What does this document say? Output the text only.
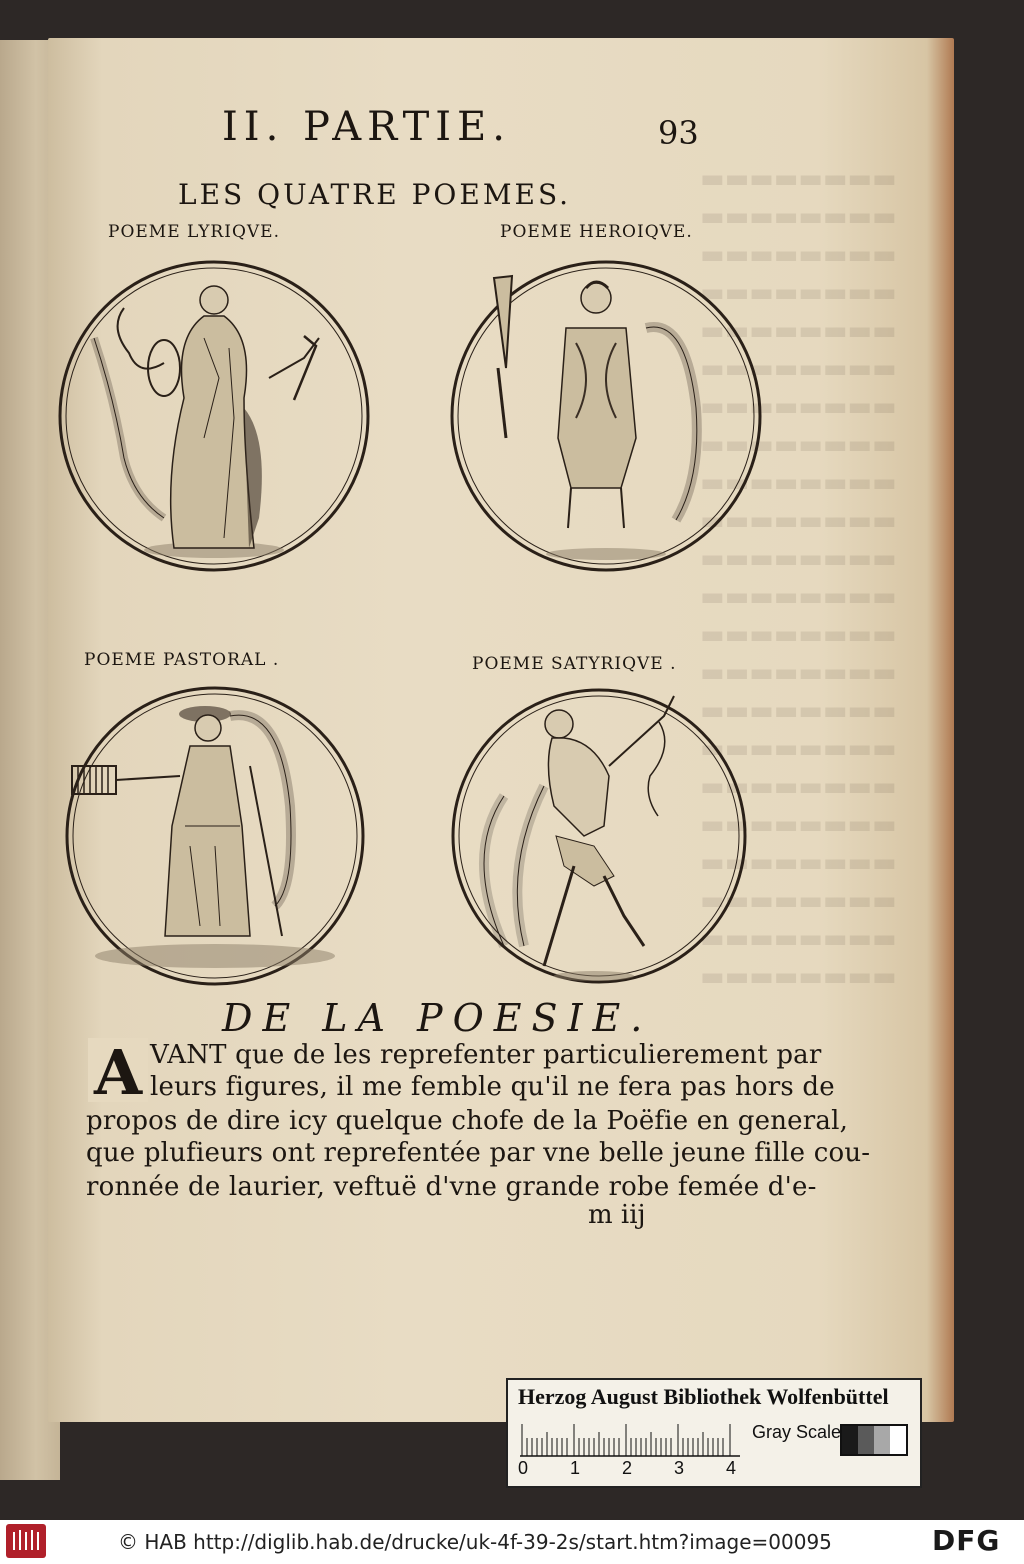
▬▬▬▬▬▬▬▬
▬▬▬▬▬▬▬▬
▬▬▬▬▬▬▬▬
▬▬▬▬▬▬▬▬
▬▬▬▬▬▬▬▬
▬▬▬▬▬▬▬▬
▬▬▬▬▬▬▬▬
▬▬▬▬▬▬▬▬
▬▬▬▬▬▬▬▬
▬▬▬▬▬▬▬▬
▬▬▬▬▬▬▬▬
▬▬▬▬▬▬▬▬
▬▬▬▬▬▬▬▬
▬▬▬▬▬▬▬▬
▬▬▬▬▬▬▬▬
▬▬▬▬▬▬▬▬
▬▬▬▬▬▬▬▬
▬▬▬▬▬▬▬▬
▬▬▬▬▬▬▬▬
▬▬▬▬▬▬▬▬
▬▬▬▬▬▬▬▬
▬▬▬▬▬▬▬▬
II. PARTIE.	93
LES QUATRE POEMES.
POEME LYRIQVE.	POEME HEROIQVE.
POEME PASTORAL .	POEME SATYRIQVE .
DE LA POESIE.
A VANT que de les reprefenter particulierement par
leurs figures, il me femble qu'il ne fera pas hors de
propos de dire icy quelque chofe de la Poëfie en general,
que plufieurs ont reprefentée par vne belle jeune fille cou-
ronnée de laurier, veftuë d'vne grande robe femée d'e-
m iij
Herzog August Bibliothek Wolfenbüttel
0 1 2 3 4
Gray Scale
© HAB http://diglib.hab.de/drucke/uk-4f-39-2s/start.htm?image=00095	DFG
